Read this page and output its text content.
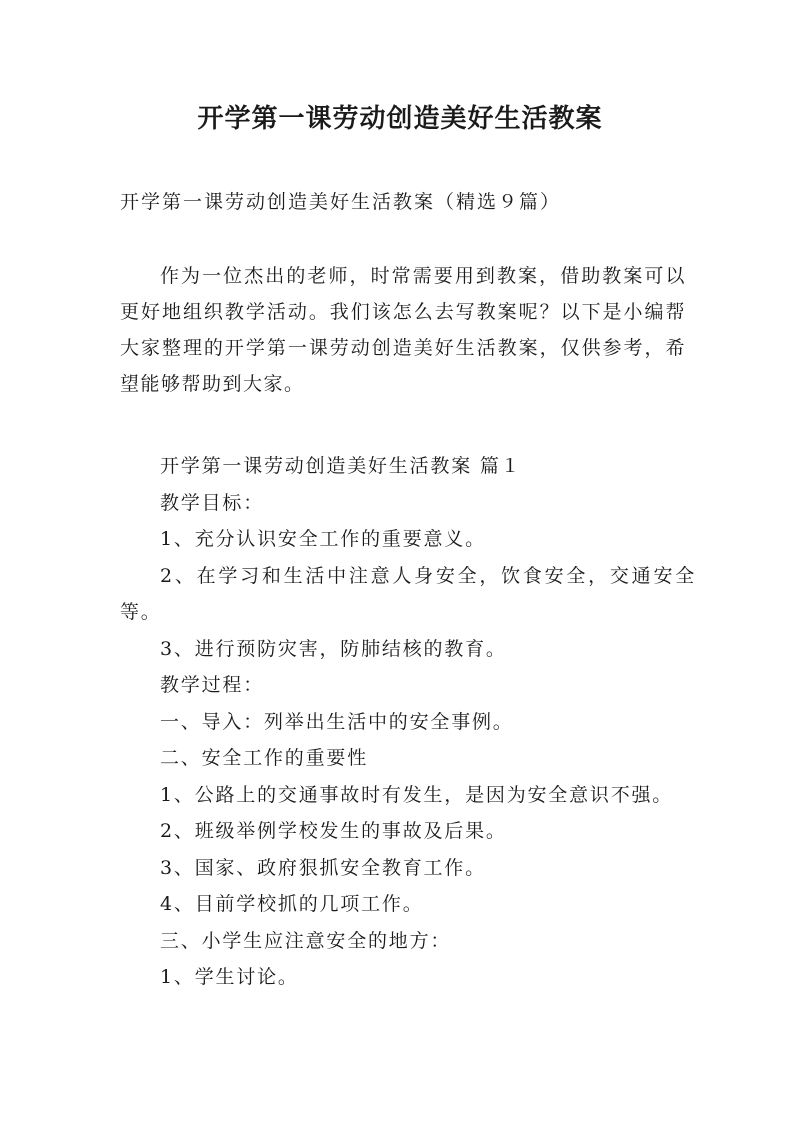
开学第一课劳动创造美好生活教案
开学第一课劳动创造美好生活教案（精选９篇）

作为一位杰出的老师，时常需要用到教案，借助教案可以更好地组织教学活动。我们该怎么去写教案呢？以下是小编帮大家整理的开学第一课劳动创造美好生活教案，仅供参考，希望能够帮助到大家。

开学第一课劳动创造美好生活教案 篇１

教学目标：

1、充分认识安全工作的重要意义。

2、在学习和生活中注意人身安全，饮食安全，交通安全等。

3、进行预防灾害，防肺结核的教育。

教学过程：

一、导入：列举出生活中的安全事例。

二、安全工作的重要性

1、公路上的交通事故时有发生，是因为安全意识不强。

2、班级举例学校发生的事故及后果。

3、国家、政府狠抓安全教育工作。

4、目前学校抓的几项工作。

三、小学生应注意安全的地方：

1、学生讨论。
